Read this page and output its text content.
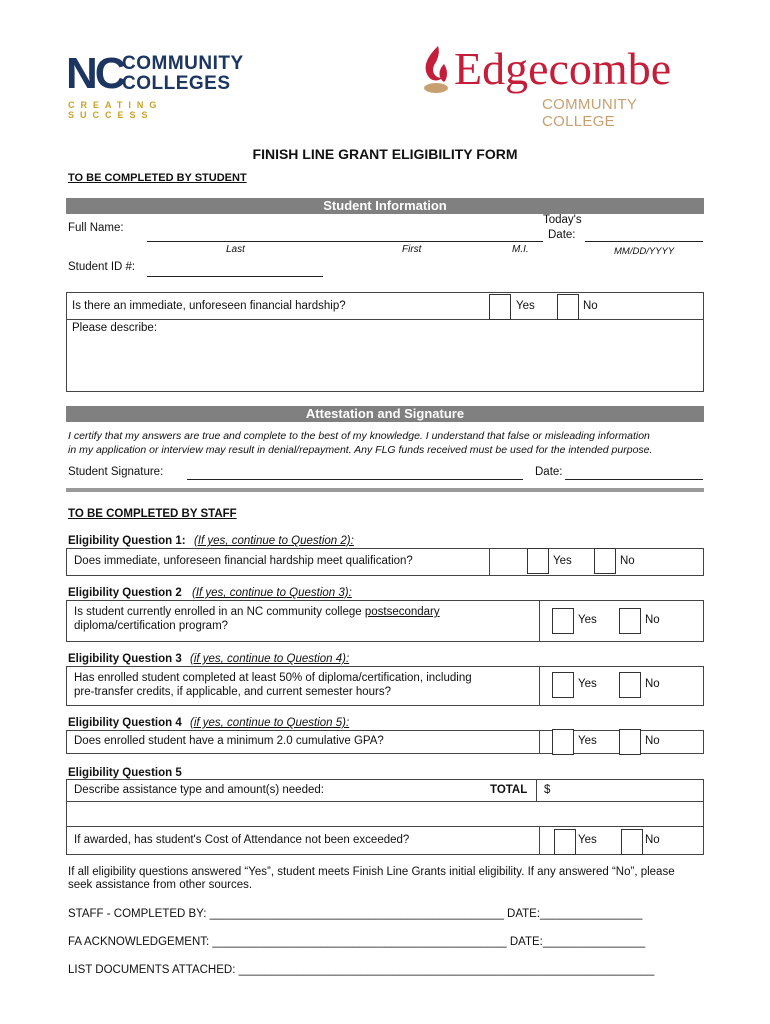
NC
COMMUNITY
COLLEGES
CREATING SUCCESS
Edgecombe
COMMUNITY COLLEGE
FINISH LINE GRANT ELIGIBILITY FORM
TO BE COMPLETED BY STUDENT
Student Information
Full Name:
Last	First	M.I.
Today's
Date:
MM/DD/YYYY
Student ID #:
Is there an immediate, unforeseen financial hardship?	Yes	No
Please describe:
Attestation and Signature
I certify that my answers are true and complete to the best of my knowledge. I understand that false or misleading information
in my application or interview may result in denial/repayment. Any FLG funds received must be used for the intended purpose.
Student Signature:	Date:
TO BE COMPLETED BY STAFF
Eligibility Question 1: (If yes, continue to Question 2):
Does immediate, unforeseen financial hardship meet qualification?	Yes	No
Eligibility Question 2 (If yes, continue to Question 3):
Is student currently enrolled in an NC community college postsecondary
diploma/certification program?	Yes	No
Eligibility Question 3 (if yes, continue to Question 4):
Has enrolled student completed at least 50% of diploma/certification, including
pre-transfer credits, if applicable, and current semester hours?
Yes	No
Eligibility Question 4 (if yes, continue to Question 5):
Does enrolled student have a minimum 2.0 cumulative GPA?	Yes	No
Eligibility Question 5
Describe assistance type and amount(s) needed:	TOTAL $
If awarded, has student's Cost of Attendance not been exceeded?	Yes	No
If all eligibility questions answered “Yes”, student meets Finish Line Grants initial eligibility. If any answered “No”, please
seek assistance from other sources.
STAFF - COMPLETED BY: ______________________________________________ DATE:________________
FA ACKNOWLEDGEMENT: ______________________________________________ DATE:________________
LIST DOCUMENTS ATTACHED: _________________________________________________________________
